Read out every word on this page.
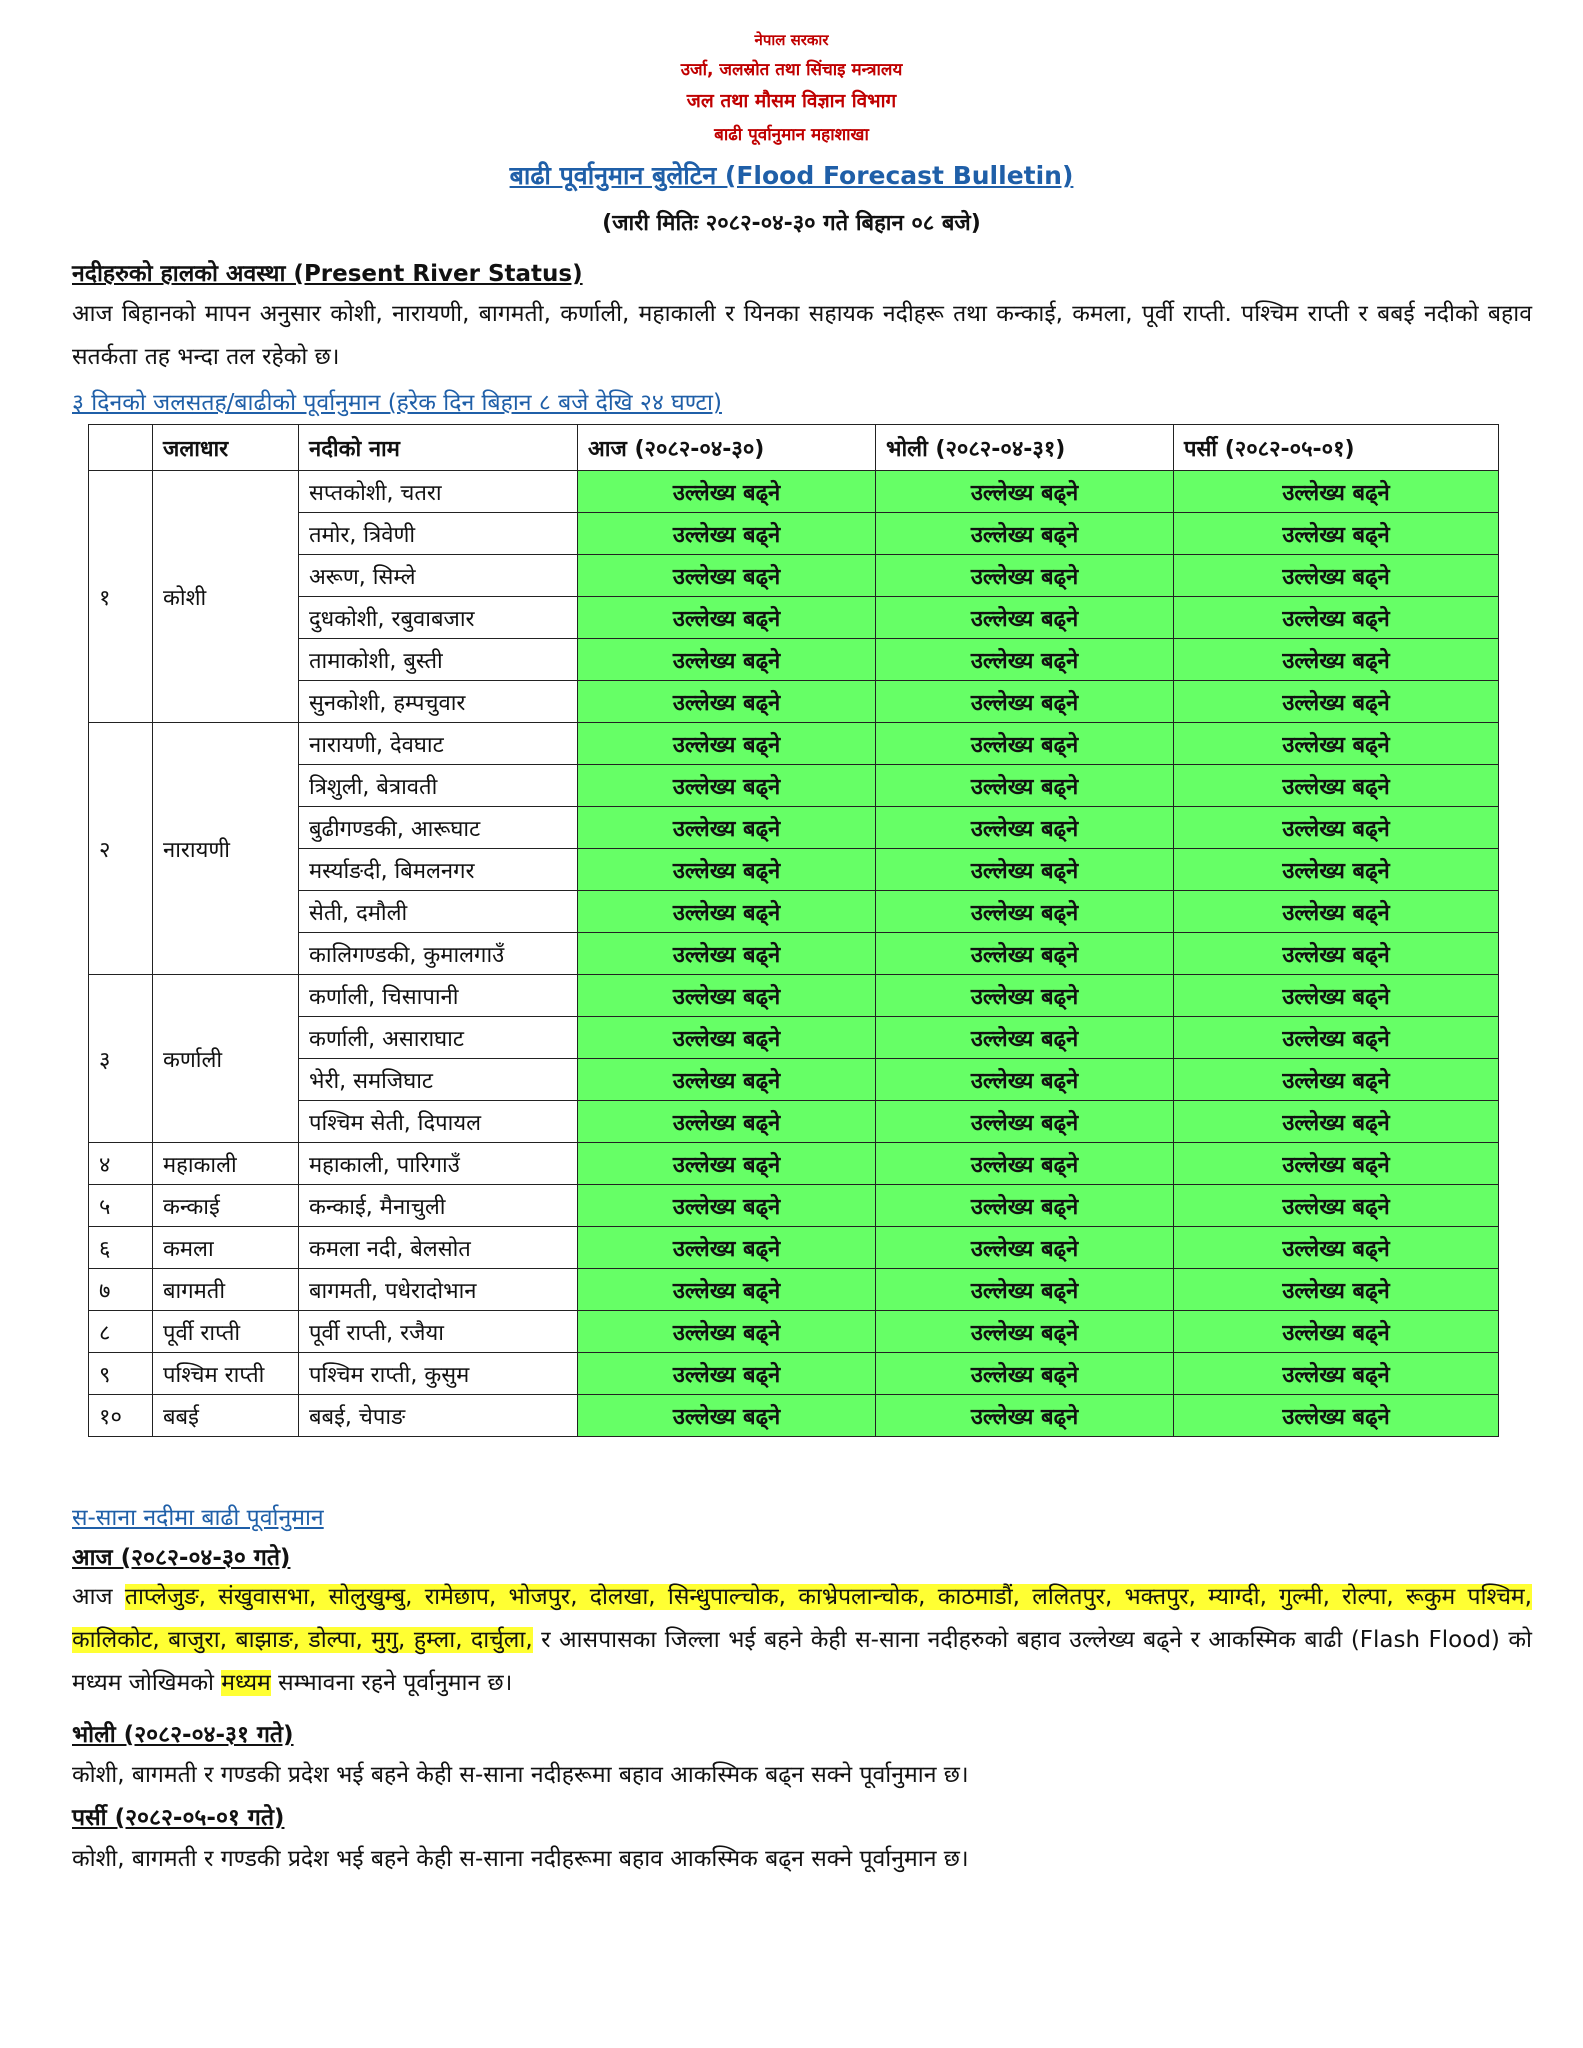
नेपाल सरकार
उर्जा, जलस्रोत तथा सिंचाइ मन्त्रालय
जल तथा मौसम विज्ञान विभाग
बाढी पूर्वानुमान महाशाखा
बाढी पूर्वानुमान बुलेटिन (Flood Forecast Bulletin)
(जारी मितिः २०८२-०४-३० गते बिहान ०८ बजे)
नदीहरुको हालको अवस्था (Present River Status)
आज बिहानको मापन अनुसार कोशी, नारायणी, बागमती, कर्णाली, महाकाली र यिनका सहायक नदीहरू तथा कन्काई, कमला, पूर्वी राप्ती. पश्चिम राप्ती र बबई नदीको बहाव सतर्कता तह भन्दा तल रहेको छ।
३ दिनको जलसतह/बाढीको पूर्वानुमान (हरेक दिन बिहान ८ बजे देखि २४ घण्टा)
	जलाधार	नदीको नाम	आज (२०८२-०४-३०)	भोली (२०८२-०४-३१)	पर्सी (२०८२-०५-०१)
१	कोशी	सप्तकोशी, चतरा	उल्लेख्य बढ्ने	उल्लेख्य बढ्ने	उल्लेख्य बढ्ने
		तमोर, त्रिवेणी	उल्लेख्य बढ्ने	उल्लेख्य बढ्ने	उल्लेख्य बढ्ने
		अरूण, सिम्ले	उल्लेख्य बढ्ने	उल्लेख्य बढ्ने	उल्लेख्य बढ्ने
		दुधकोशी, रबुवाबजार	उल्लेख्य बढ्ने	उल्लेख्य बढ्ने	उल्लेख्य बढ्ने
		तामाकोशी, बुस्ती	उल्लेख्य बढ्ने	उल्लेख्य बढ्ने	उल्लेख्य बढ्ने
		सुनकोशी, हम्पचुवार	उल्लेख्य बढ्ने	उल्लेख्य बढ्ने	उल्लेख्य बढ्ने
२	नारायणी	नारायणी, देवघाट	उल्लेख्य बढ्ने	उल्लेख्य बढ्ने	उल्लेख्य बढ्ने
		त्रिशुली, बेत्रावती	उल्लेख्य बढ्ने	उल्लेख्य बढ्ने	उल्लेख्य बढ्ने
		बुढीगण्डकी, आरूघाट	उल्लेख्य बढ्ने	उल्लेख्य बढ्ने	उल्लेख्य बढ्ने
		मर्स्याङदी, बिमलनगर	उल्लेख्य बढ्ने	उल्लेख्य बढ्ने	उल्लेख्य बढ्ने
		सेती, दमौली	उल्लेख्य बढ्ने	उल्लेख्य बढ्ने	उल्लेख्य बढ्ने
		कालिगण्डकी, कुमालगाउँ	उल्लेख्य बढ्ने	उल्लेख्य बढ्ने	उल्लेख्य बढ्ने
३	कर्णाली	कर्णाली, चिसापानी	उल्लेख्य बढ्ने	उल्लेख्य बढ्ने	उल्लेख्य बढ्ने
		कर्णाली, असाराघाट	उल्लेख्य बढ्ने	उल्लेख्य बढ्ने	उल्लेख्य बढ्ने
		भेरी, समजिघाट	उल्लेख्य बढ्ने	उल्लेख्य बढ्ने	उल्लेख्य बढ्ने
		पश्चिम सेती, दिपायल	उल्लेख्य बढ्ने	उल्लेख्य बढ्ने	उल्लेख्य बढ्ने
४	महाकाली	महाकाली, पारिगाउँ	उल्लेख्य बढ्ने	उल्लेख्य बढ्ने	उल्लेख्य बढ्ने
५	कन्काई	कन्काई, मैनाचुली	उल्लेख्य बढ्ने	उल्लेख्य बढ्ने	उल्लेख्य बढ्ने
६	कमला	कमला नदी, बेलसोत	उल्लेख्य बढ्ने	उल्लेख्य बढ्ने	उल्लेख्य बढ्ने
७	बागमती	बागमती, पधेरादोभान	उल्लेख्य बढ्ने	उल्लेख्य बढ्ने	उल्लेख्य बढ्ने
८	पूर्वी राप्ती	पूर्वी राप्ती, रजैया	उल्लेख्य बढ्ने	उल्लेख्य बढ्ने	उल्लेख्य बढ्ने
९	पश्चिम राप्ती	पश्चिम राप्ती, कुसुम	उल्लेख्य बढ्ने	उल्लेख्य बढ्ने	उल्लेख्य बढ्ने
१०	बबई	बबई, चेपाङ	उल्लेख्य बढ्ने	उल्लेख्य बढ्ने	उल्लेख्य बढ्ने
स-साना नदीमा बाढी पूर्वानुमान
आज (२०८२-०४-३० गते)
आज ताप्लेजुङ, संखुवासभा, सोलुखुम्बु, रामेछाप, भोजपुर, दोलखा, सिन्धुपाल्चोक, काभ्रेपलान्चोक, काठमाडौं, ललितपुर, भक्तपुर, म्याग्दी, गुल्मी, रोल्पा, रूकुम पश्चिम, कालिकोट, बाजुरा, बाझाङ, डोल्पा, मुगु, हुम्ला, दार्चुला, र आसपासका जिल्ला भई बहने केही स-साना नदीहरुको बहाव उल्लेख्य बढ्ने र आकस्मिक बाढी (Flash Flood) को मध्यम जोखिमको मध्यम सम्भावना रहने पूर्वानुमान छ।
भोली (२०८२-०४-३१ गते)
कोशी, बागमती र गण्डकी प्रदेश भई बहने केही स-साना नदीहरूमा बहाव आकस्मिक बढ्न सक्ने पूर्वानुमान छ।
पर्सी (२०८२-०५-०१ गते)
कोशी, बागमती र गण्डकी प्रदेश भई बहने केही स-साना नदीहरूमा बहाव आकस्मिक बढ्न सक्ने पूर्वानुमान छ।
